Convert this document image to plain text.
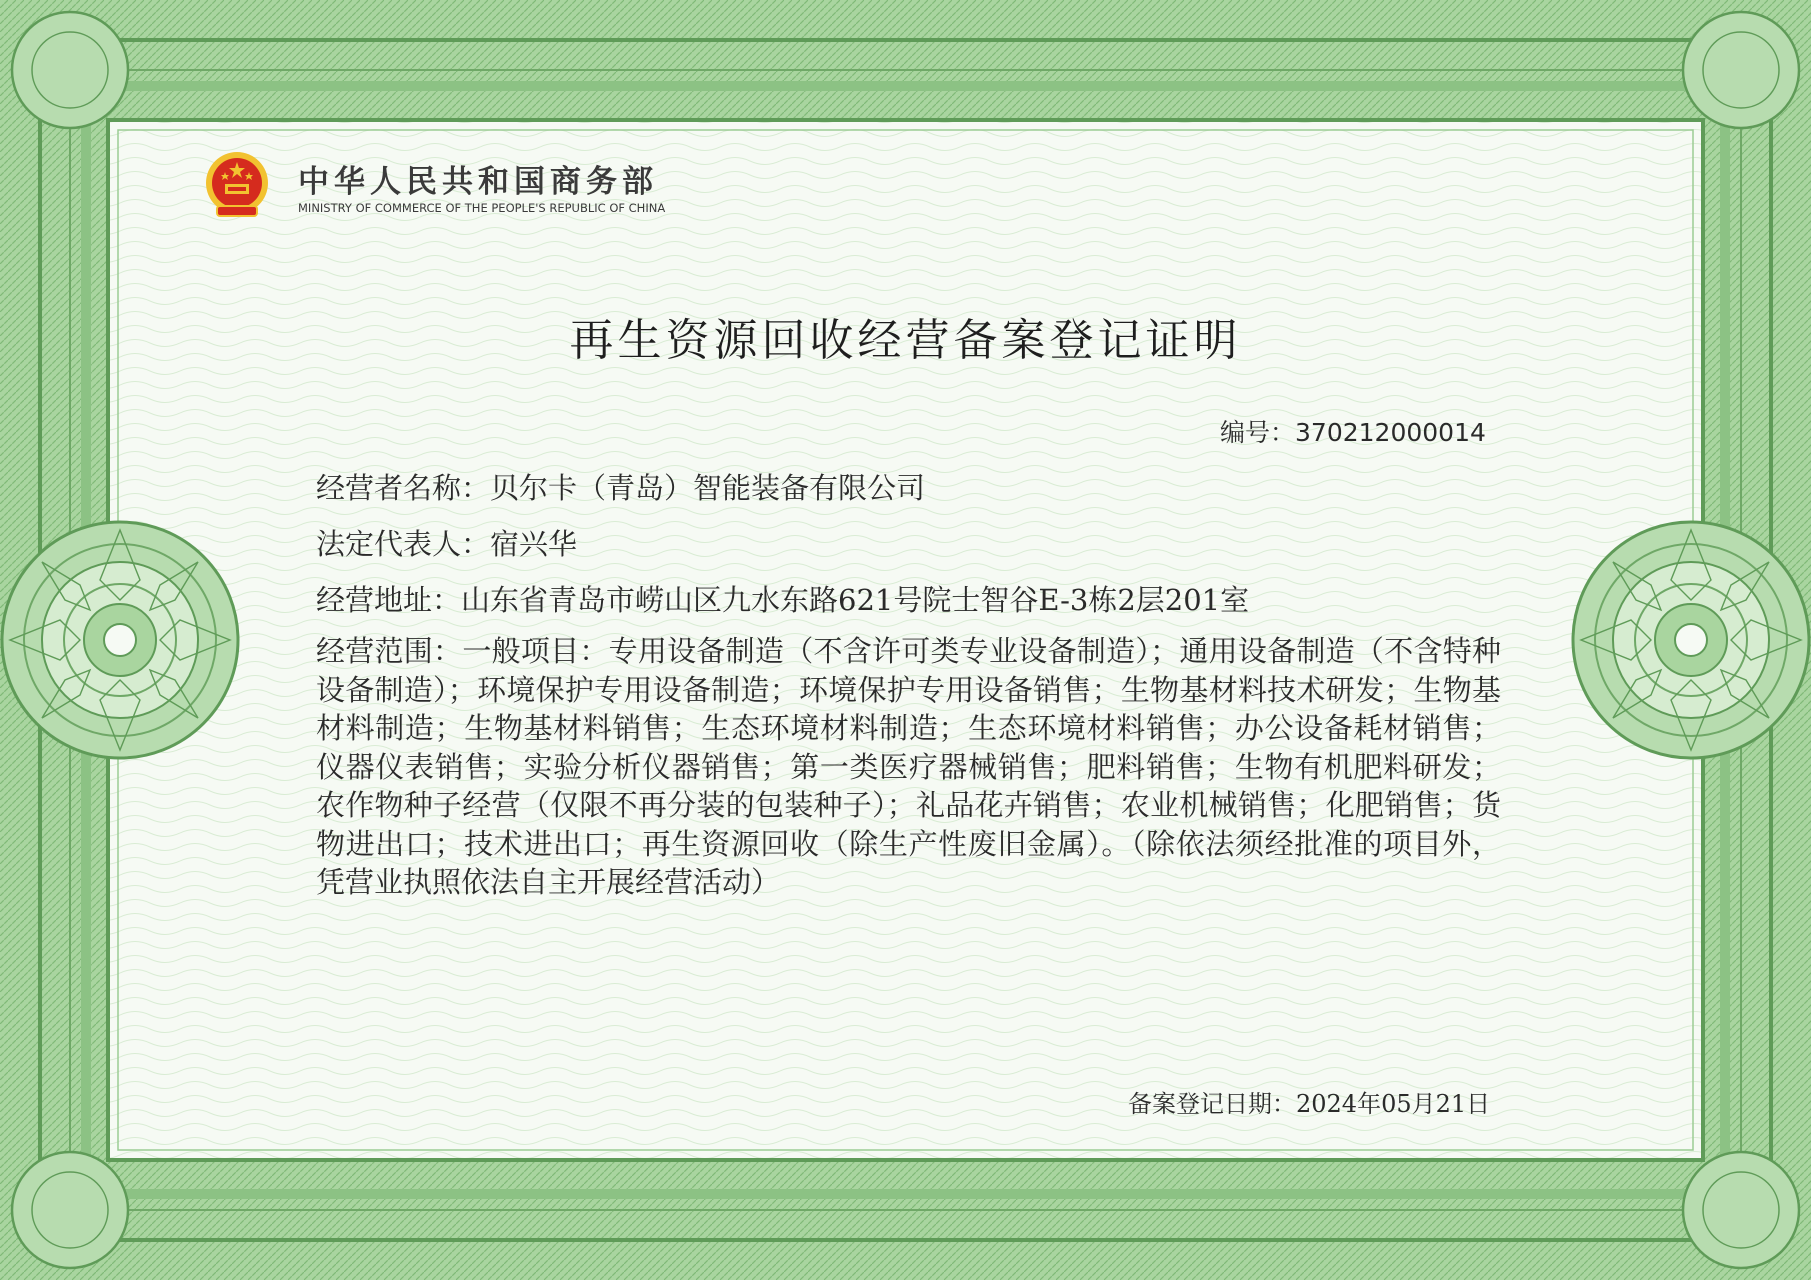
中华人民共和国商务部
MINISTRY OF COMMERCE OF THE PEOPLE'S REPUBLIC OF CHINA
再生资源回收经营备案登记证明
编号：370212000014
经营者名称：贝尔卡（青岛）智能装备有限公司
法定代表人：宿兴华
经营地址：山东省青岛市崂山区九水东路621号院士智谷E-3栋2层201室
经营范围：一般项目：专用设备制造（不含许可类专业设备制造）；通用设备制造（不含特种设备制造）；环境保护专用设备制造；环境保护专用设备销售；生物基材料技术研发；生物基材料制造；生物基材料销售；生态环境材料制造；生态环境材料销售；办公设备耗材销售；仪器仪表销售；实验分析仪器销售；第一类医疗器械销售；肥料销售；生物有机肥料研发；农作物种子经营（仅限不再分装的包装种子）；礼品花卉销售；农业机械销售；化肥销售；货物进出口；技术进出口；再生资源回收（除生产性废旧金属）。（除依法须经批准的项目外，凭营业执照依法自主开展经营活动）
备案登记日期：2024年05月21日
